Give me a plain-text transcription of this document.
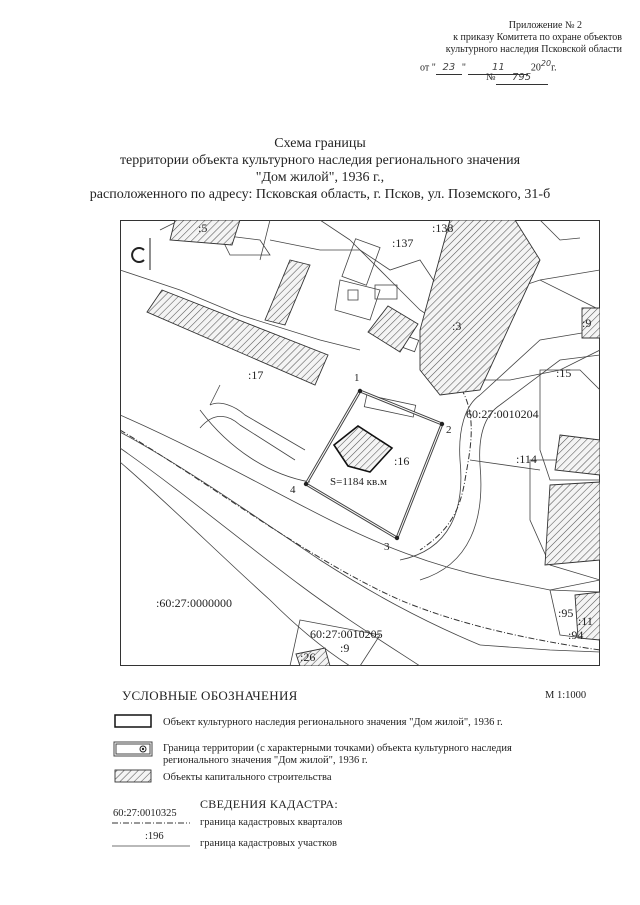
Приложение № 2
к приказу Комитета по охране объектов
культурного наследия Псковской области
от " 23 "	11	$20^{20}г$.
№ 795
Схема границы
территории объекта культурного наследия регионального значения
"Дом жилой", 1936 г.,
расположенного по адресу: Псковская область, г. Псков, ул. Поземского, 31-б
:5
:137
:138
:3	:9
:17	:15
:16	:114
:95
:11
:94
:26
:9
60:27:0010204
:60:27:0000000
60:27:0010205
1
2
3
4
S=1184 кв.м
УСЛОВНЫЕ ОБОЗНАЧЕНИЯ	М 1:1000
Объект культурного наследия регионального значения "Дом жилой", 1936 г.
Граница территории (с характерными точками) объекта культурного наследия
регионального значения "Дом жилой", 1936 г.
Объекты капитального строительства
СВЕДЕНИЯ КАДАСТРА:
60:27:0010325
граница кадастровых кварталов
:196
граница кадастровых участков
